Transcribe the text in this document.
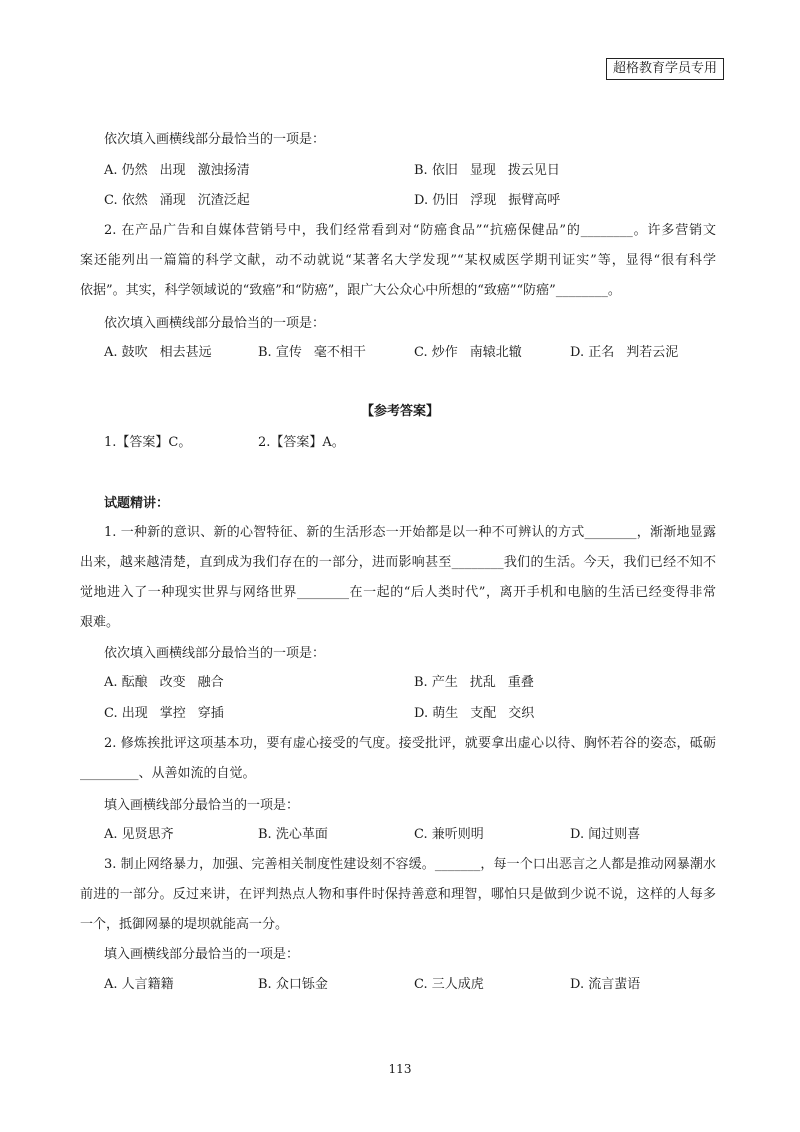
超格教育学员专用
依次填入画横线部分最恰当的一项是：
A. 仍然 出现 激浊扬清	B. 依旧 显现 拨云见日
C. 依然 涌现 沉渣泛起	D. 仍旧 浮现 振臂高呼
2. 在产品广告和自媒体营销号中，我们经常看到对“防癌食品”“抗癌保健品”的________。许多营销文
案还能列出一篇篇的科学文献，动不动就说“某著名大学发现”“某权威医学期刊证实”等，显得“很有科学
依据”。其实，科学领域说的“致癌”和“防癌”，跟广大公众心中所想的“致癌”“防癌”________。
依次填入画横线部分最恰当的一项是：
A. 鼓吹 相去甚远	B. 宣传 毫不相干	C. 炒作 南辕北辙	D. 正名 判若云泥
【参考答案】
1.【答案】C。	2.【答案】A。
试题精讲：
1. 一种新的意识、新的心智特征、新的生活形态一开始都是以一种不可辨认的方式________，渐渐地显露
出来，越来越清楚，直到成为我们存在的一部分，进而影响甚至________我们的生活。今天，我们已经不知不
觉地进入了一种现实世界与网络世界________在一起的“后人类时代”，离开手机和电脑的生活已经变得非常
艰难。
依次填入画横线部分最恰当的一项是：
A. 酝酿 改变 融合	B. 产生 扰乱 重叠
C. 出现 掌控 穿插	D. 萌生 支配 交织
2. 修炼挨批评这项基本功，要有虚心接受的气度。接受批评，就要拿出虚心以待、胸怀若谷的姿态，砥砺
_________、从善如流的自觉。
填入画横线部分最恰当的一项是：
A. 见贤思齐	B. 洗心革面	C. 兼听则明	D. 闻过则喜
3. 制止网络暴力，加强、完善相关制度性建设刻不容缓。_______，每一个口出恶言之人都是推动网暴潮水
前进的一部分。反过来讲，在评判热点人物和事件时保持善意和理智，哪怕只是做到少说不说，这样的人每多
一个，抵御网暴的堤坝就能高一分。
填入画横线部分最恰当的一项是：
A. 人言籍籍	B. 众口铄金	C. 三人成虎	D. 流言蜚语
113
